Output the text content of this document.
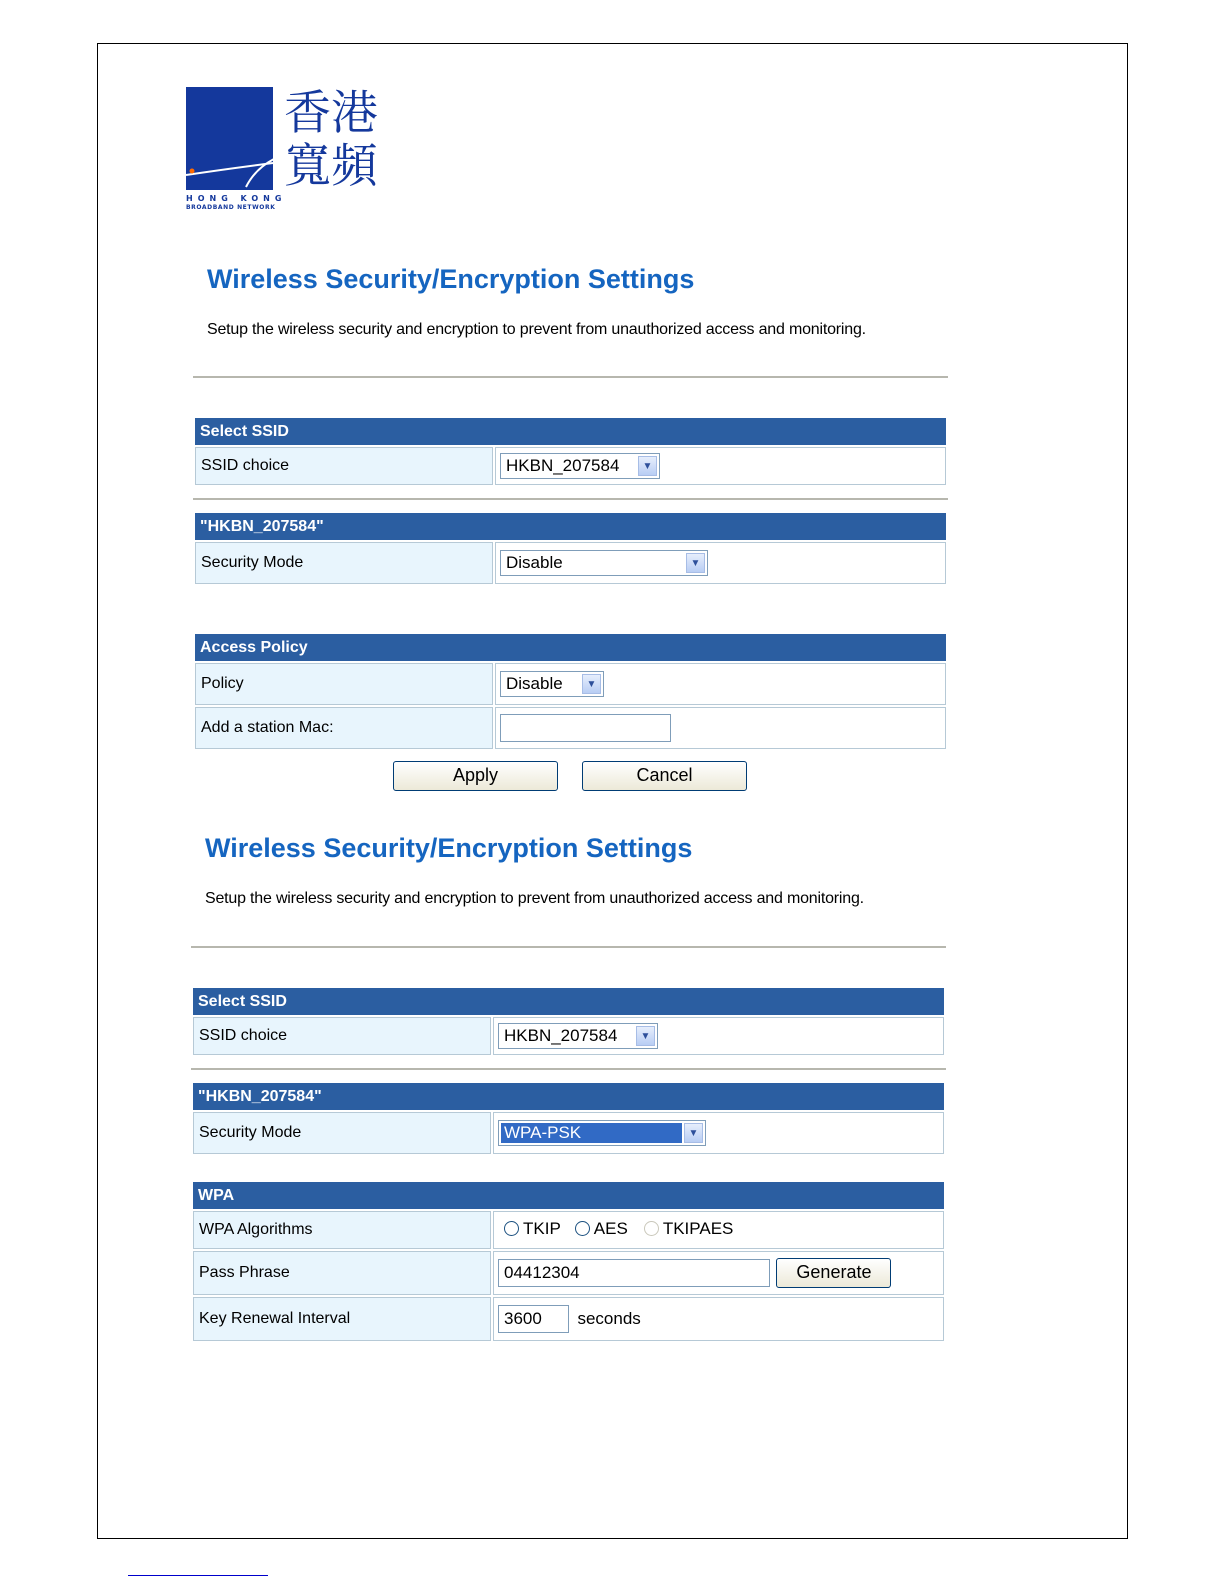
香港
寬頻
HONG KONG
BROADBAND NETWORK
Wireless Security/Encryption Settings
Setup the wireless security and encryption to prevent from unauthorized access and monitoring.
Select SSID
SSID choice	HKBN_207584	▼
"HKBN_207584"
Security Mode	Disable	▼
Access Policy	
Policy	Disable ▼

Add a station Mac:	
Apply	Cancel
Wireless Security/Encryption Settings
Setup the wireless security and encryption to prevent from unauthorized access and monitoring.
Select SSID
SSID choice	HKBN_207584	▼
"HKBN_207584"
Security Mode	WPA-PSK	▼
WPA	
WPA Algorithms	TKIP AES TKIPAES

Pass Phrase	04412304 Generate
Key Renewal Interval	3600 seconds
